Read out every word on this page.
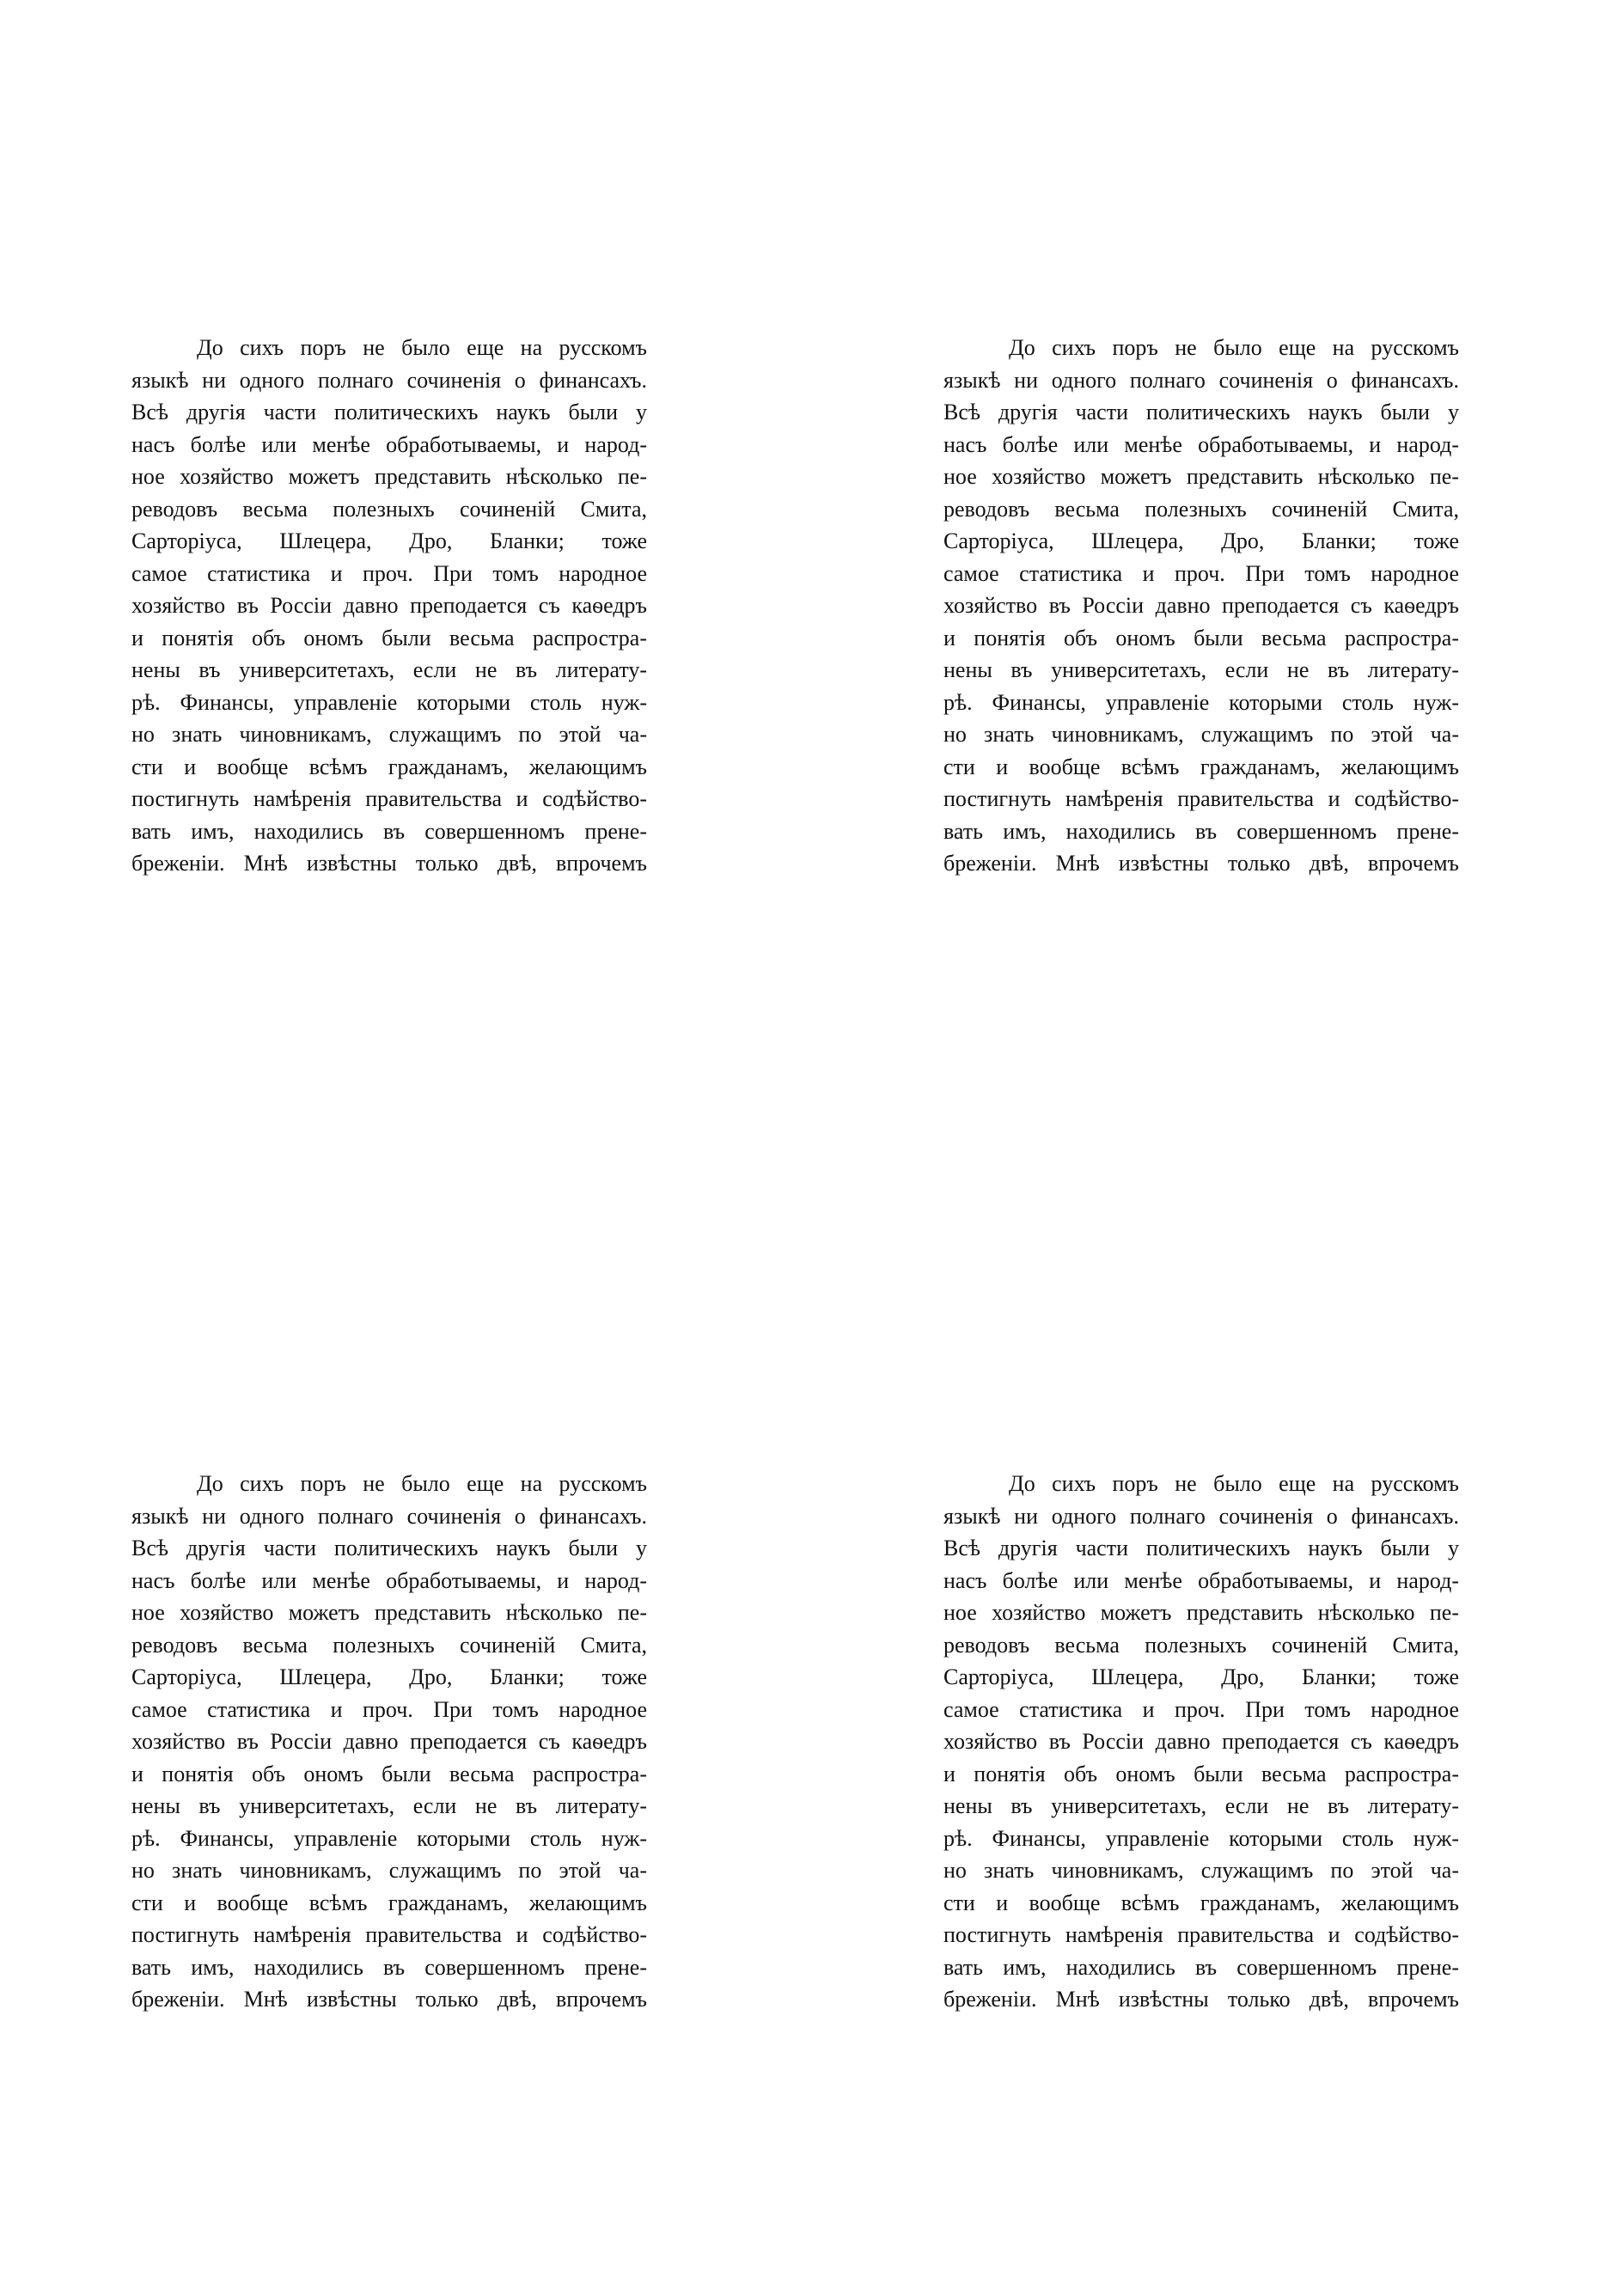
До сихъ поръ не было еще на русскомъ
языкѣ ни одного полнаго сочиненія о финансахъ.
Всѣ другія части политическихъ наукъ были у
насъ болѣе или менѣе обработываемы, и народ-
ное хозяйство можетъ представить нѣсколько пе-
реводовъ весьма полезныхъ сочиненій Смита,
Сарторіуса, Шлецера, Дро, Бланки; тоже
самое статистика и проч. При томъ народное
хозяйство въ Россіи давно преподается съ каѳедръ
и понятія объ ономъ были весьма распростра-
нены въ университетахъ, если не въ литерату-
рѣ. Финансы, управленіе которыми столь нуж-
но знать чиновникамъ, служащимъ по этой ча-
сти и вообще всѣмъ гражданамъ, желающимъ
постигнуть намѣренія правительства и содѣйство-
вать имъ, находились въ совершенномъ прене-
бреженіи. Мнѣ извѣстны только двѣ, впрочемъ
До сихъ поръ не было еще на русскомъ
языкѣ ни одного полнаго сочиненія о финансахъ.
Всѣ другія части политическихъ наукъ были у
насъ болѣе или менѣе обработываемы, и народ-
ное хозяйство можетъ представить нѣсколько пе-
реводовъ весьма полезныхъ сочиненій Смита,
Сарторіуса, Шлецера, Дро, Бланки; тоже
самое статистика и проч. При томъ народное
хозяйство въ Россіи давно преподается съ каѳедръ
и понятія объ ономъ были весьма распростра-
нены въ университетахъ, если не въ литерату-
рѣ. Финансы, управленіе которыми столь нуж-
но знать чиновникамъ, служащимъ по этой ча-
сти и вообще всѣмъ гражданамъ, желающимъ
постигнуть намѣренія правительства и содѣйство-
вать имъ, находились въ совершенномъ прене-
бреженіи. Мнѣ извѣстны только двѣ, впрочемъ
До сихъ поръ не было еще на русскомъ
языкѣ ни одного полнаго сочиненія о финансахъ.
Всѣ другія части политическихъ наукъ были у
насъ болѣе или менѣе обработываемы, и народ-
ное хозяйство можетъ представить нѣсколько пе-
реводовъ весьма полезныхъ сочиненій Смита,
Сарторіуса, Шлецера, Дро, Бланки; тоже
самое статистика и проч. При томъ народное
хозяйство въ Россіи давно преподается съ каѳедръ
и понятія объ ономъ были весьма распростра-
нены въ университетахъ, если не въ литерату-
рѣ. Финансы, управленіе которыми столь нуж-
но знать чиновникамъ, служащимъ по этой ча-
сти и вообще всѣмъ гражданамъ, желающимъ
постигнуть намѣренія правительства и содѣйство-
вать имъ, находились въ совершенномъ прене-
бреженіи. Мнѣ извѣстны только двѣ, впрочемъ
До сихъ поръ не было еще на русскомъ
языкѣ ни одного полнаго сочиненія о финансахъ.
Всѣ другія части политическихъ наукъ были у
насъ болѣе или менѣе обработываемы, и народ-
ное хозяйство можетъ представить нѣсколько пе-
реводовъ весьма полезныхъ сочиненій Смита,
Сарторіуса, Шлецера, Дро, Бланки; тоже
самое статистика и проч. При томъ народное
хозяйство въ Россіи давно преподается съ каѳедръ
и понятія объ ономъ были весьма распростра-
нены въ университетахъ, если не въ литерату-
рѣ. Финансы, управленіе которыми столь нуж-
но знать чиновникамъ, служащимъ по этой ча-
сти и вообще всѣмъ гражданамъ, желающимъ
постигнуть намѣренія правительства и содѣйство-
вать имъ, находились въ совершенномъ прене-
бреженіи. Мнѣ извѣстны только двѣ, впрочемъ
